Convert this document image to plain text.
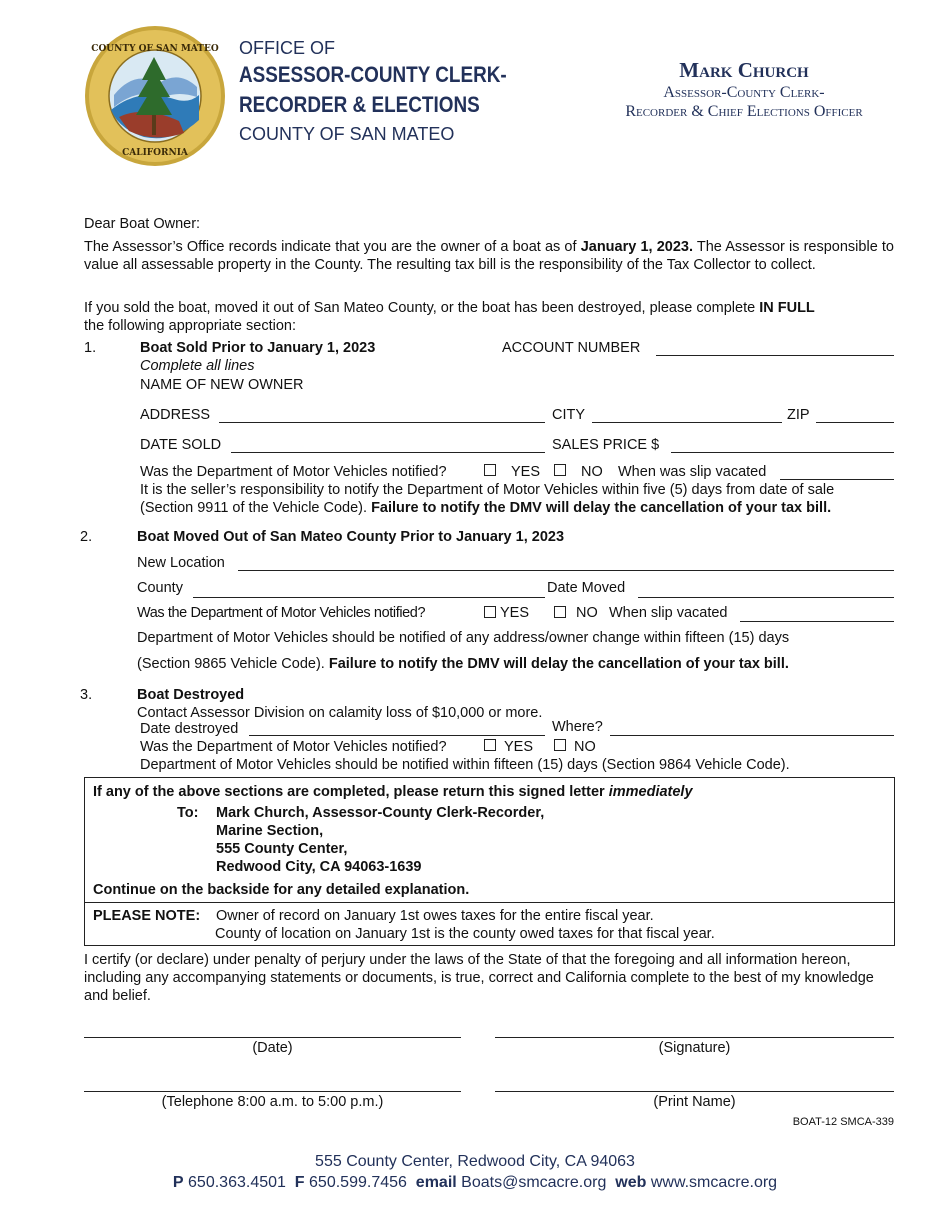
COUNTY OF SAN MATEO
CALIFORNIA
OFFICE OF
ASSESSOR-COUNTY CLERK-
RECORDER & ELECTIONS
COUNTY OF SAN MATEO
Mark Church
Assessor-County Clerk-
Recorder & Chief Elections Officer
Dear Boat Owner:
The Assessor’s Office records indicate that you are the owner of a boat as of January 1, 2023. The Assessor is responsible to value all assessable property in the County. The resulting tax bill is the responsibility of the Tax Collector to collect.
If you sold the boat, moved it out of San Mateo County, or the boat has been destroyed, please complete IN FULL
the following appropriate section:
1.	Boat Sold Prior to January 1, 2023
Complete all lines
ACCOUNT NUMBER
NAME OF NEW OWNER
ADDRESS	CITY	ZIP
DATE SOLD	SALES PRICE $
Was the Department of Motor Vehicles notified?	YES	NO When was slip vacated
It is the seller’s responsibility to notify the Department of Motor Vehicles within five (5) days from date of sale
(Section 9911 of the Vehicle Code). Failure to notify the DMV will delay the cancellation of your tax bill.
2.	Boat Moved Out of San Mateo County Prior to January 1, 2023
New Location
County	Date Moved
Was the Department of Motor Vehicles notified?	YES	NO When slip vacated
Department of Motor Vehicles should be notified of any address/owner change within fifteen (15) days
(Section 9865 Vehicle Code). Failure to notify the DMV will delay the cancellation of your tax bill.
3.	Boat Destroyed
Contact Assessor Division on calamity loss of $10,000 or more.
Date destroyed	Where?
Was the Department of Motor Vehicles notified?	YES	NO
Department of Motor Vehicles should be notified within fifteen (15) days (Section 9864 Vehicle Code).
If any of the above sections are completed, please return this signed letter immediately
To: Mark Church, Assessor-County Clerk-Recorder,
Marine Section,
555 County Center,
Redwood City, CA 94063-1639
Continue on the backside for any detailed explanation.
PLEASE NOTE: Owner of record on January 1st owes taxes for the entire fiscal year.
County of location on January 1st is the county owed taxes for that fiscal year.
I certify (or declare) under penalty of perjury under the laws of the State of that the foregoing and all information hereon, including any accompanying statements or documents, is true, correct and California complete to the best of my knowledge and belief.
(Date)	(Signature)
(Telephone 8:00 a.m. to 5:00 p.m.)	(Print Name)
BOAT-12 SMCA-339
555 County Center, Redwood City, CA 94063
P 650.363.4501 F 650.599.7456 email Boats@smcacre.org web www.smcacre.org
